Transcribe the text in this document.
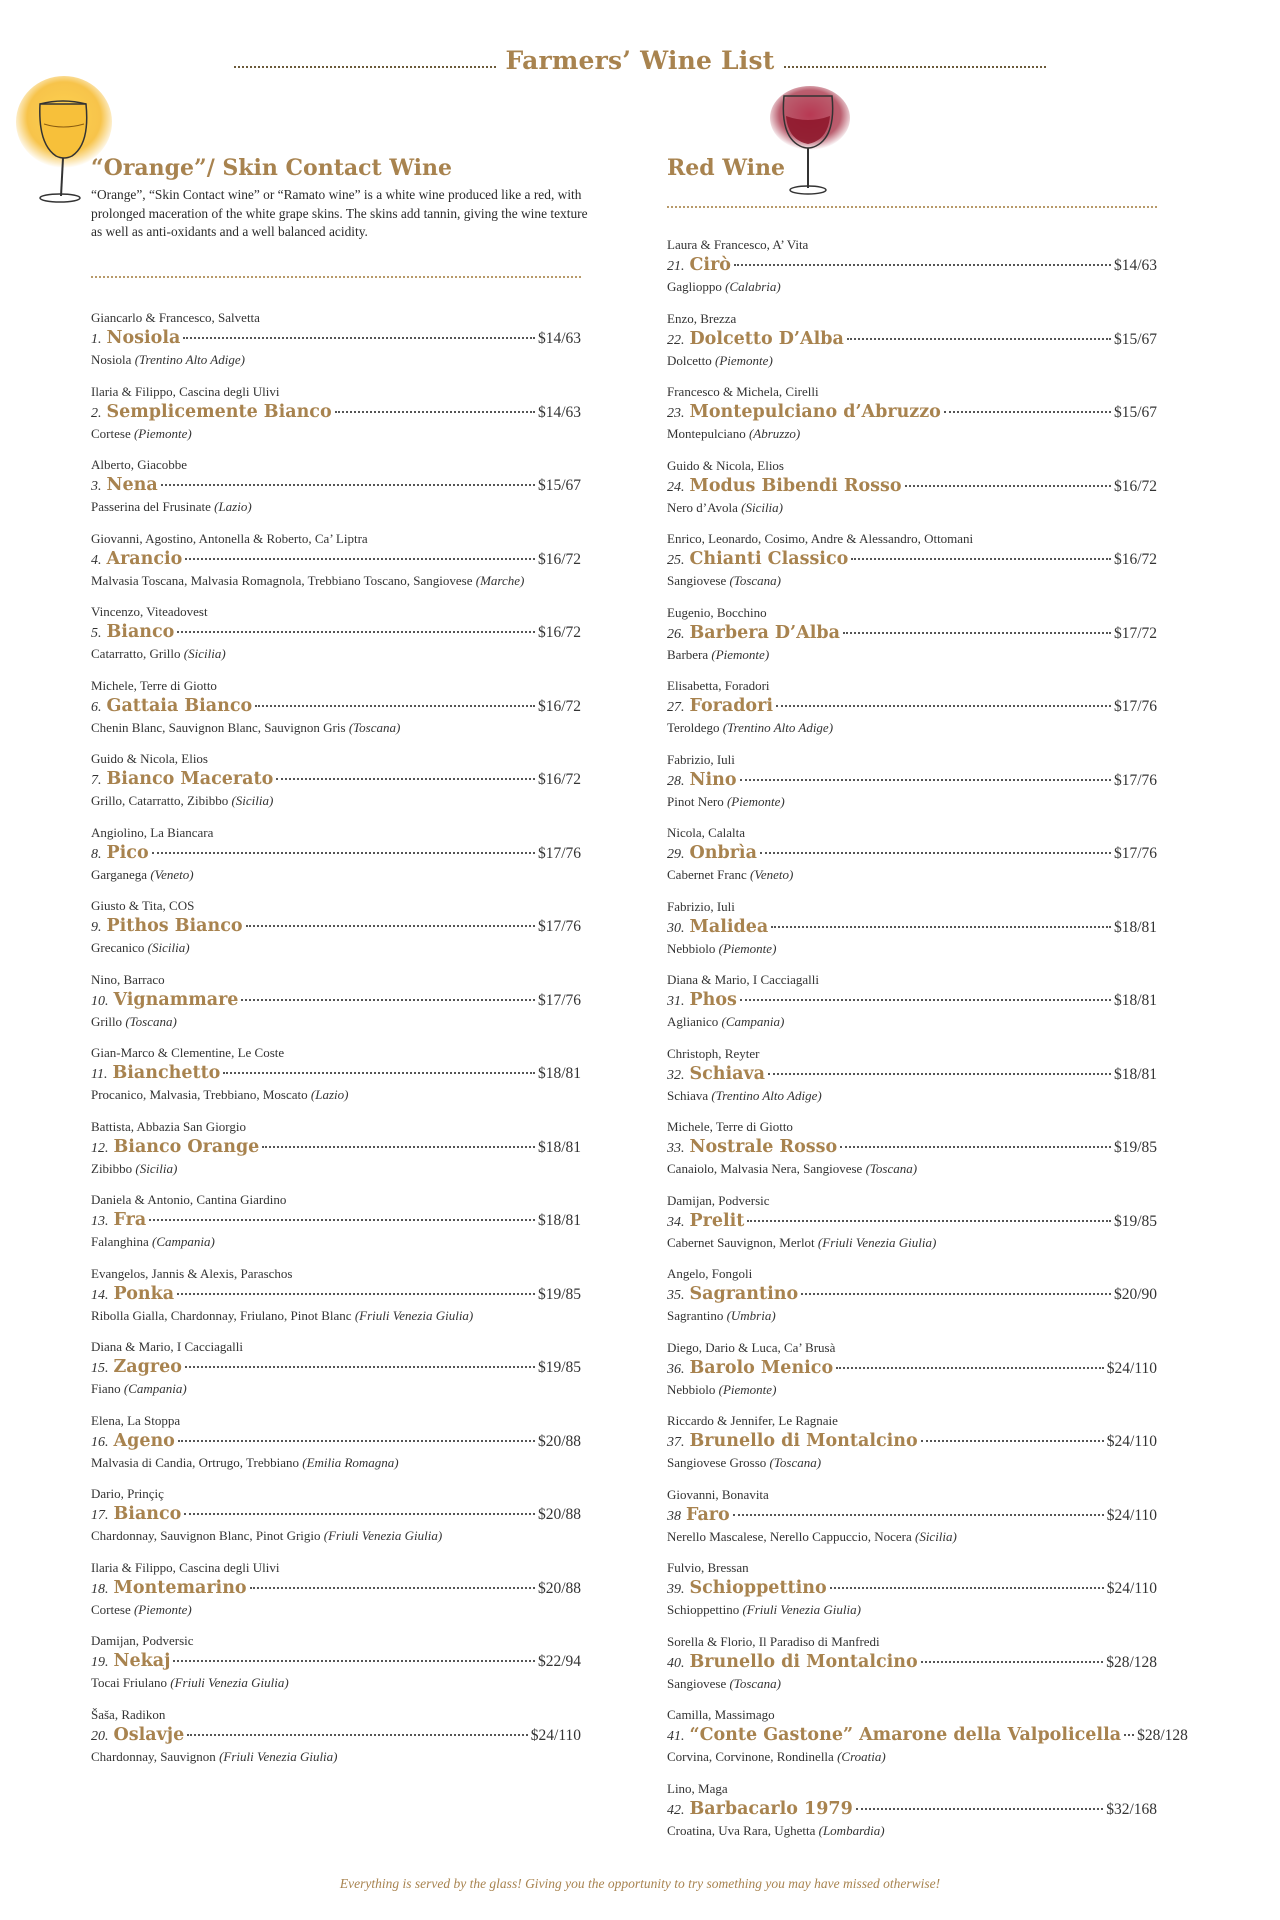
Farmers’ Wine List
“Orange”/ Skin Contact Wine
“Orange”, “Skin Contact wine” or “Ramato wine” is a white wine produced like a red, with prolonged maceration of the white grape skins. The skins add tannin, giving the wine texture as well as anti-oxidants and a well balanced acidity.
Giancarlo & Francesco, Salvetta
1. Nosiola	$14/63
Nosiola (Trentino Alto Adige)
Ilaria & Filippo, Cascina degli Ulivi
2. Semplicemente Bianco	$14/63
Cortese (Piemonte)
Alberto, Giacobbe
3. Nena	$15/67
Passerina del Frusinate (Lazio)
Giovanni, Agostino, Antonella & Roberto, Ca’ Liptra
4. Arancio	$16/72
Malvasia Toscana, Malvasia Romagnola, Trebbiano Toscano, Sangiovese (Marche)
Vincenzo, Viteadovest
5. Bianco	$16/72
Catarratto, Grillo (Sicilia)
Michele, Terre di Giotto
6. Gattaia Bianco	$16/72
Chenin Blanc, Sauvignon Blanc, Sauvignon Gris (Toscana)
Guido & Nicola, Elios
7. Bianco Macerato	$16/72
Grillo, Catarratto, Zibibbo (Sicilia)
Angiolino, La Biancara
8. Pico	$17/76
Garganega (Veneto)
Giusto & Tita, COS
9. Pithos Bianco	$17/76
Grecanico (Sicilia)
Nino, Barraco
10. Vignammare	$17/76
Grillo (Toscana)
Gian-Marco & Clementine, Le Coste
11. Bianchetto	$18/81
Procanico, Malvasia, Trebbiano, Moscato (Lazio)
Battista, Abbazia San Giorgio
12. Bianco Orange	$18/81
Zibibbo (Sicilia)
Daniela & Antonio, Cantina Giardino
13. Fra	$18/81
Falanghina (Campania)
Evangelos, Jannis & Alexis, Paraschos
14. Ponka	$19/85
Ribolla Gialla, Chardonnay, Friulano, Pinot Blanc (Friuli Venezia Giulia)
Diana & Mario, I Cacciagalli
15. Zagreo	$19/85
Fiano (Campania)
Elena, La Stoppa
16. Ageno	$20/88
Malvasia di Candia, Ortrugo, Trebbiano (Emilia Romagna)
Dario, Prinçiç
17. Bianco	$20/88
Chardonnay, Sauvignon Blanc, Pinot Grigio (Friuli Venezia Giulia)
Ilaria & Filippo, Cascina degli Ulivi
18. Montemarino	$20/88
Cortese (Piemonte)
Damijan, Podversic
19. Nekaj	$22/94
Tocai Friulano (Friuli Venezia Giulia)
Šaša, Radikon
20. Oslavje	$24/110
Chardonnay, Sauvignon (Friuli Venezia Giulia)
Red Wine
Laura & Francesco, A’ Vita
21. Cirò	$14/63
Gaglioppo (Calabria)
Enzo, Brezza
22. Dolcetto D’Alba	$15/67
Dolcetto (Piemonte)
Francesco & Michela, Cirelli
23. Montepulciano d’Abruzzo	$15/67
Montepulciano (Abruzzo)
Guido & Nicola, Elios
24. Modus Bibendi Rosso	$16/72
Nero d’Avola (Sicilia)
Enrico, Leonardo, Cosimo, Andre & Alessandro, Ottomani
25. Chianti Classico	$16/72
Sangiovese (Toscana)
Eugenio, Bocchino
26. Barbera D’Alba	$17/72
Barbera (Piemonte)
Elisabetta, Foradori
27. Foradori	$17/76
Teroldego (Trentino Alto Adige)
Fabrizio, Iuli
28. Nino	$17/76
Pinot Nero (Piemonte)
Nicola, Calalta
29. Onbrìa	$17/76
Cabernet Franc (Veneto)
Fabrizio, Iuli
30. Malidea	$18/81
Nebbiolo (Piemonte)
Diana & Mario, I Cacciagalli
31. Phos	$18/81
Aglianico (Campania)
Christoph, Reyter
32. Schiava	$18/81
Schiava (Trentino Alto Adige)
Michele, Terre di Giotto
33. Nostrale Rosso	$19/85
Canaiolo, Malvasia Nera, Sangiovese (Toscana)
Damijan, Podversic
34. Prelit	$19/85
Cabernet Sauvignon, Merlot (Friuli Venezia Giulia)
Angelo, Fongoli
35. Sagrantino	$20/90
Sagrantino (Umbria)
Diego, Dario & Luca, Ca’ Brusà
36. Barolo Menico	$24/110
Nebbiolo (Piemonte)
Riccardo & Jennifer, Le Ragnaie
37. Brunello di Montalcino	$24/110
Sangiovese Grosso (Toscana)
Giovanni, Bonavita
38 Faro	$24/110
Nerello Mascalese, Nerello Cappuccio, Nocera (Sicilia)
Fulvio, Bressan
39. Schioppettino	$24/110
Schioppettino (Friuli Venezia Giulia)
Sorella & Florio, Il Paradiso di Manfredi
40. Brunello di Montalcino	$28/128
Sangiovese (Toscana)
Camilla, Massimago
41. “Conte Gastone” Amarone della Valpolicella $28/128
Corvina, Corvinone, Rondinella (Croatia)
Lino, Maga
42. Barbacarlo 1979	$32/168
Croatina, Uva Rara, Ughetta (Lombardia)
Everything is served by the glass! Giving you the opportunity to try something you may have missed otherwise!
